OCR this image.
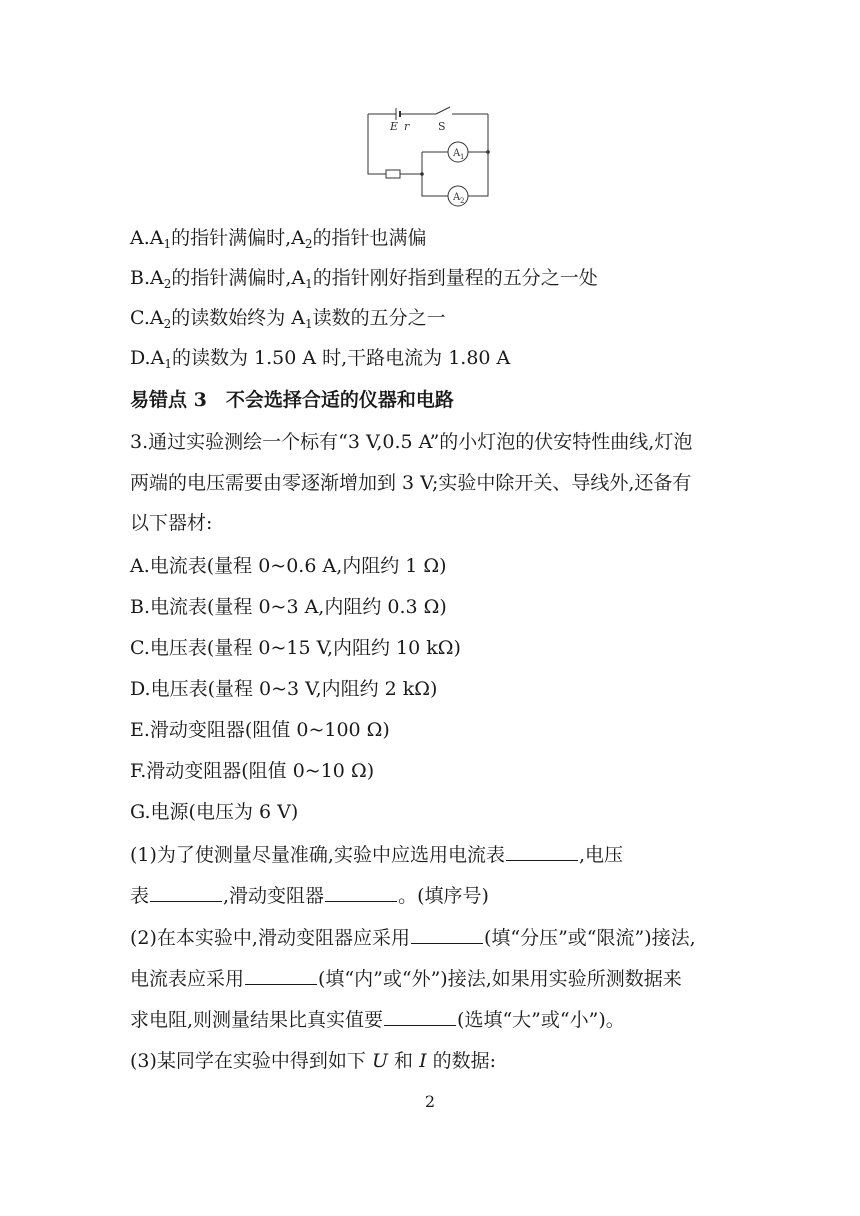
E r	S
A 1
A 2
$A.A_1$的指针满偏时$,A_2$的指针也满偏
$B.A_2$的指针满偏时$,A_1$的指针刚好指到量程的五分之一处
$C.A_2$的读数始终为 $A_1$读数的五分之一
$D.A_1$的读数为 1.50 A 时,干路电流为 1.80 A
易错点 3　不会选择合适的仪器和电路
3.通过实验测绘一个标有“3 V,0.5 A”的小灯泡的伏安特性曲线,灯泡
两端的电压需要由零逐渐增加到 3 V;实验中除开关、导线外,还备有
以下器材:
A.电流表(量程 0~0.6 A,内阻约 1 Ω)
B.电流表(量程 0~3 A,内阻约 0.3 Ω)
C.电压表(量程 0~15 V,内阻约 10 kΩ)
D.电压表(量程 0~3 V,内阻约 2 kΩ)
E.滑动变阻器(阻值 0~100 Ω)
F.滑动变阻器(阻值 0~10 Ω)
G.电源(电压为 6 V)
(1)为了使测量尽量准确,实验中应选用电流表	,电压
表	,滑动变阻器	。(填序号)
(2)在本实验中,滑动变阻器应采用	(填“分压”或“限流”)接法,
电流表应采用	(填“内”或“外”)接法,如果用实验所测数据来
求电阻,则测量结果比真实值要	(选填“大”或“小”)。
(3)某同学在实验中得到如下 U 和 I 的数据:
2
